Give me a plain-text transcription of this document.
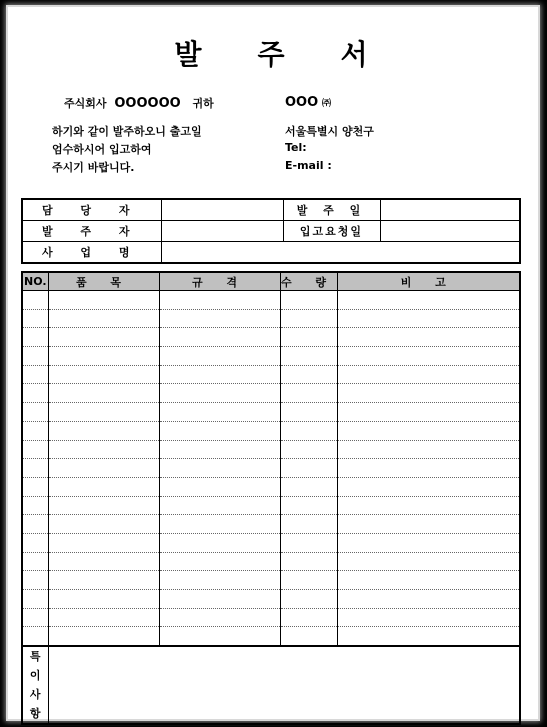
발 주 서
주식회사 OOOOOO 귀하	OOO ㈜
하기와 같이 발주하오니 출고일
엄수하시어 입고하여
주시기 바랍니다.
서울특별시 양천구
Tel:
E-mail :
담 당 자		발 주 일	
발 주 자		입고요청일	
사 업 명			
NO.	품 목	규 격	수 량	비 고

특
이
사
항				
